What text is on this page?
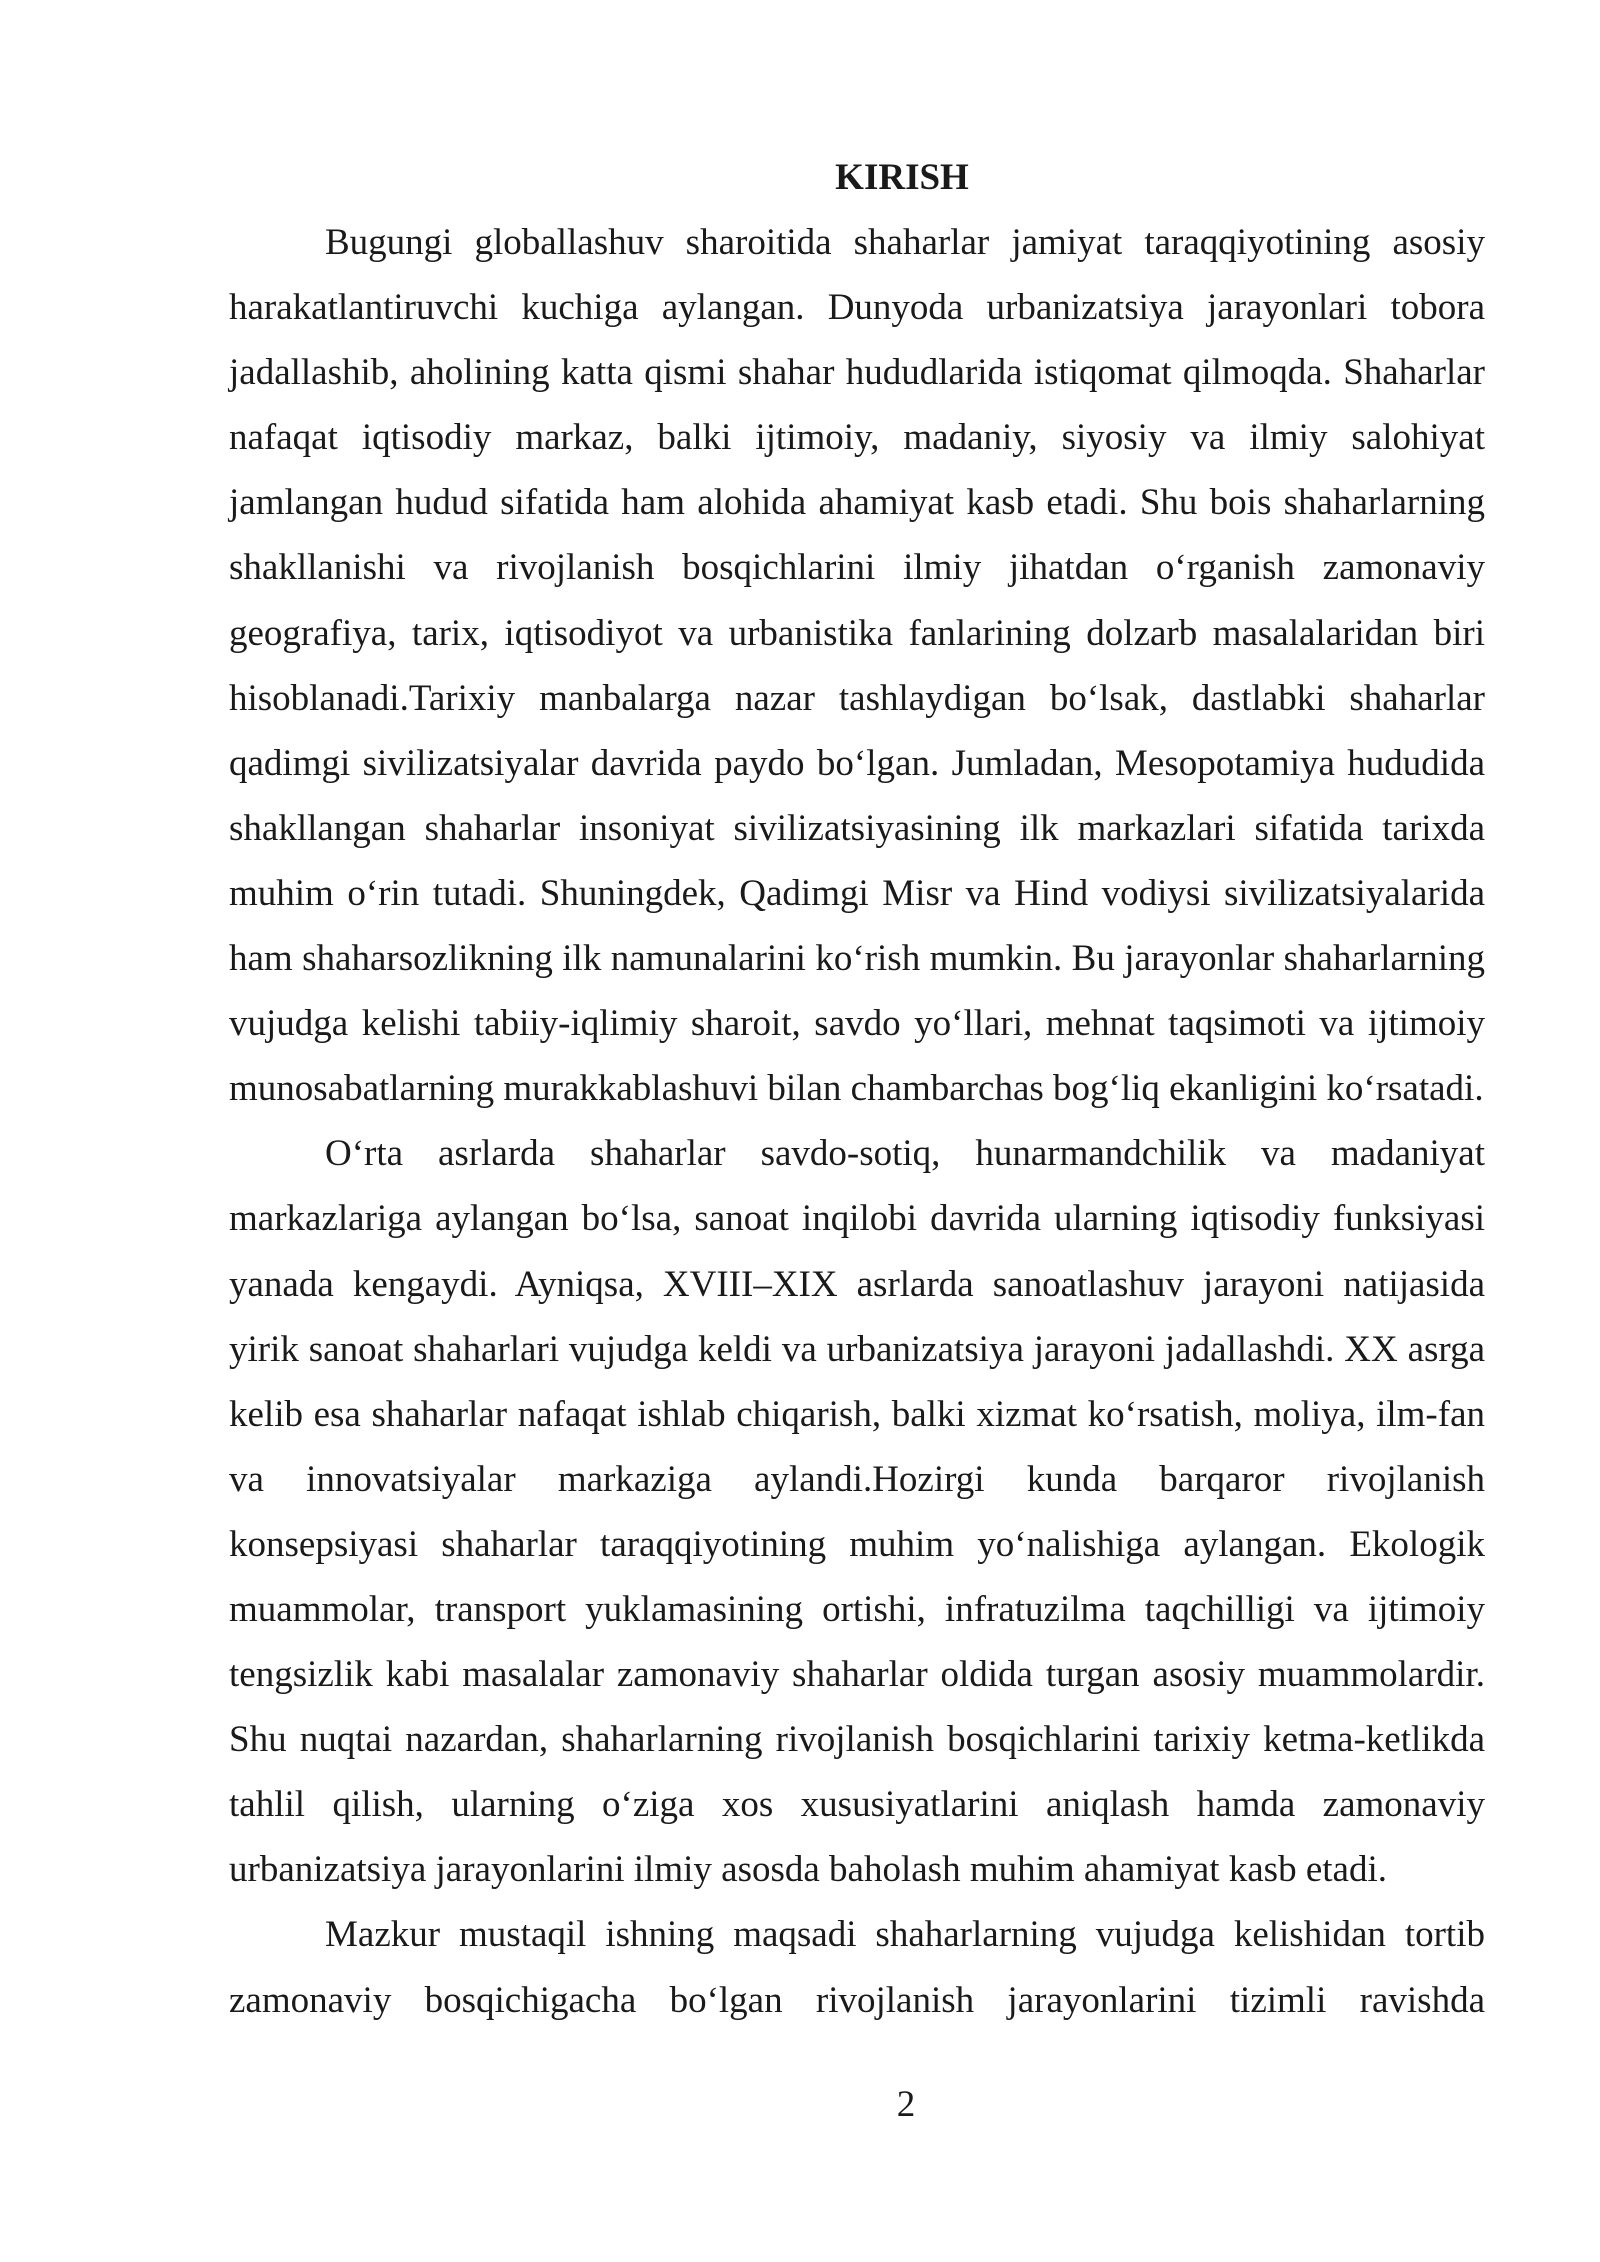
KIRISH

Bugungi globallashuv sharoitida shaharlar jamiyat taraqqiyotining asosiy harakatlantiruvchi kuchiga aylangan. Dunyoda urbanizatsiya jarayonlari tobora jadallashib, aholining katta qismi shahar hududlarida istiqomat qilmoqda. Shaharlar nafaqat iqtisodiy markaz, balki ijtimoiy, madaniy, siyosiy va ilmiy salohiyat jamlangan hudud sifatida ham alohida ahamiyat kasb etadi. Shu bois shaharlarning shakllanishi va rivojlanish bosqichlarini ilmiy jihatdan o‘rganish zamonaviy geografiya, tarix, iqtisodiyot va urbanistika fanlarining dolzarb masalalaridan biri hisoblanadi.Tarixiy manbalarga nazar tashlaydigan bo‘lsak, dastlabki shaharlar qadimgi sivilizatsiyalar davrida paydo bo‘lgan. Jumladan, Mesopotamiya hududida shakllangan shaharlar insoniyat sivilizatsiyasining ilk markazlari sifatida tarixda muhim o‘rin tutadi. Shuningdek, Qadimgi Misr va Hind vodiysi sivilizatsiyalarida ham shaharsozlikning ilk namunalarini ko‘rish mumkin. Bu jarayonlar shaharlarning vujudga kelishi tabiiy-iqlimiy sharoit, savdo yo‘llari, mehnat taqsimoti va ijtimoiy munosabatlarning murakkablashuvi bilan chambarchas bog‘liq ekanligini ko‘rsatadi.

O‘rta asrlarda shaharlar savdo-sotiq, hunarmandchilik va madaniyat markazlariga aylangan bo‘lsa, sanoat inqilobi davrida ularning iqtisodiy funksiyasi yanada kengaydi. Ayniqsa, XVIII–XIX asrlarda sanoatlashuv jarayoni natijasida yirik sanoat shaharlari vujudga keldi va urbanizatsiya jarayoni jadallashdi. XX asrga kelib esa shaharlar nafaqat ishlab chiqarish, balki xizmat ko‘rsatish, moliya, ilm-fan va innovatsiyalar markaziga aylandi.Hozirgi kunda barqaror rivojlanish konsepsiyasi shaharlar taraqqiyotining muhim yo‘nalishiga aylangan. Ekologik muammolar, transport yuklamasining ortishi, infratuzilma taqchilligi va ijtimoiy tengsizlik kabi masalalar zamonaviy shaharlar oldida turgan asosiy muammolardir. Shu nuqtai nazardan, shaharlarning rivojlanish bosqichlarini tarixiy ketma-ketlikda tahlil qilish, ularning o‘ziga xos xususiyatlarini aniqlash hamda zamonaviy urbanizatsiya jarayonlarini ilmiy asosda baholash muhim ahamiyat kasb etadi.

Mazkur mustaqil ishning maqsadi shaharlarning vujudga kelishidan tortib zamonaviy bosqichigacha bo‘lgan rivojlanish jarayonlarini tizimli ravishda

2
